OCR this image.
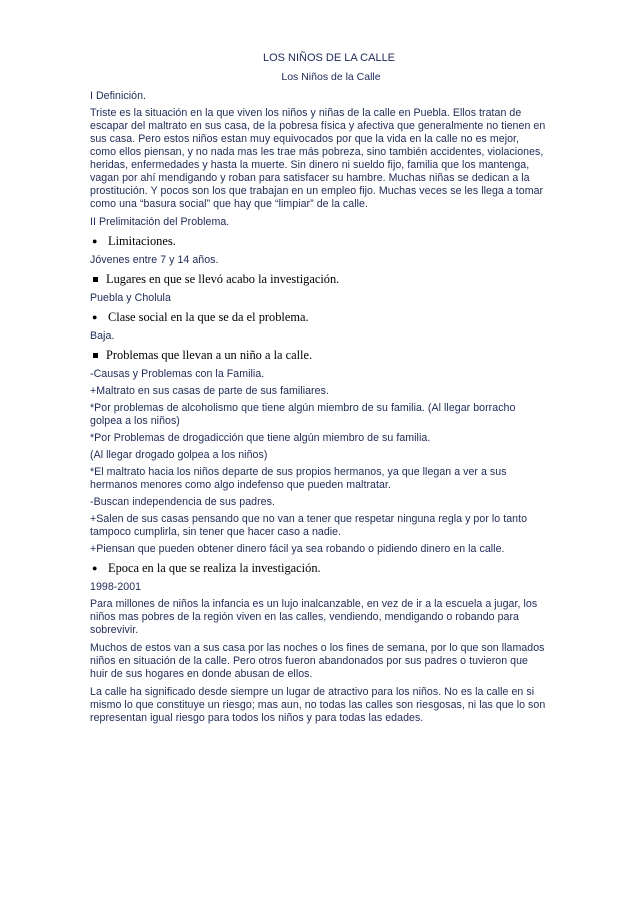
LOS NIÑOS DE LA CALLE
Los Niños de la Calle
I Definición.
Triste es la situación en la que viven los niños y niñas de la calle en Puebla. Ellos tratan de escapar del maltrato en sus casa, de la pobresa física y afectiva que generalmente no tienen en sus casa. Pero estos niños estan muy equivocados por que la vida en la calle no es mejor, como ellos piensan, y no nada mas les trae más pobreza, sino también accidentes, violaciones, heridas, enfermedades y hasta la muerte. Sin dinero ni sueldo fijo, familia que los mantenga, vagan por ahí mendigando y roban para satisfacer su hambre. Muchas niñas se dedican a la prostitución. Y pocos son los que trabajan en un empleo fijo. Muchas veces se les llega a tomar como una “basura social” que hay que “limpiar” de la calle.
II Prelimitación del Problema.
● Limitaciones.
Jóvenes entre 7 y 14 años.
Lugares en que se llevó acabo la investigación.
Puebla y Cholula
● Clase social en la que se da el problema.
Baja.
Problemas que llevan a un niño a la calle.
-Causas y Problemas con la Familia.
+Maltrato en sus casas de parte de sus familiares.
*Por problemas de alcoholismo que tiene algún miembro de su familia. (Al llegar borracho golpea a los niños)
*Por Problemas de drogadicción que tiene algún miembro de su familia.
(Al llegar drogado golpea a los niños)
*El maltrato hacia los niños departe de sus propios hermanos, ya que llegan a ver a sus hermanos menores como algo indefenso que pueden maltratar.
-Buscan independencia de sus padres.
+Salen de sus casas pensando que no van a tener que respetar ninguna regla y por lo tanto tampoco cumplirla, sin tener que hacer caso a nadie.
+Piensan que pueden obtener dinero fácil ya sea robando o pidiendo dinero en la calle.
● Epoca en la que se realiza la investigación.
1998-2001
Para millones de niños la infancia es un lujo inalcanzable, en vez de ir a la escuela a jugar, los niños mas pobres de la región viven en las calles, vendiendo, mendigando o robando para sobrevivir.
Muchos de estos van a sus casa por las noches o los fines de semana, por lo que son llamados niños en situación de la calle. Pero otros fueron abandonados por sus padres o tuvieron que huir de sus hogares en donde abusan de ellos.
La calle ha significado desde siempre un lugar de atractivo para los niños. No es la calle en si mismo lo que constituye un riesgo; mas aun, no todas las calles son riesgosas, ni las que lo son representan igual riesgo para todos los niños y para todas las edades.
